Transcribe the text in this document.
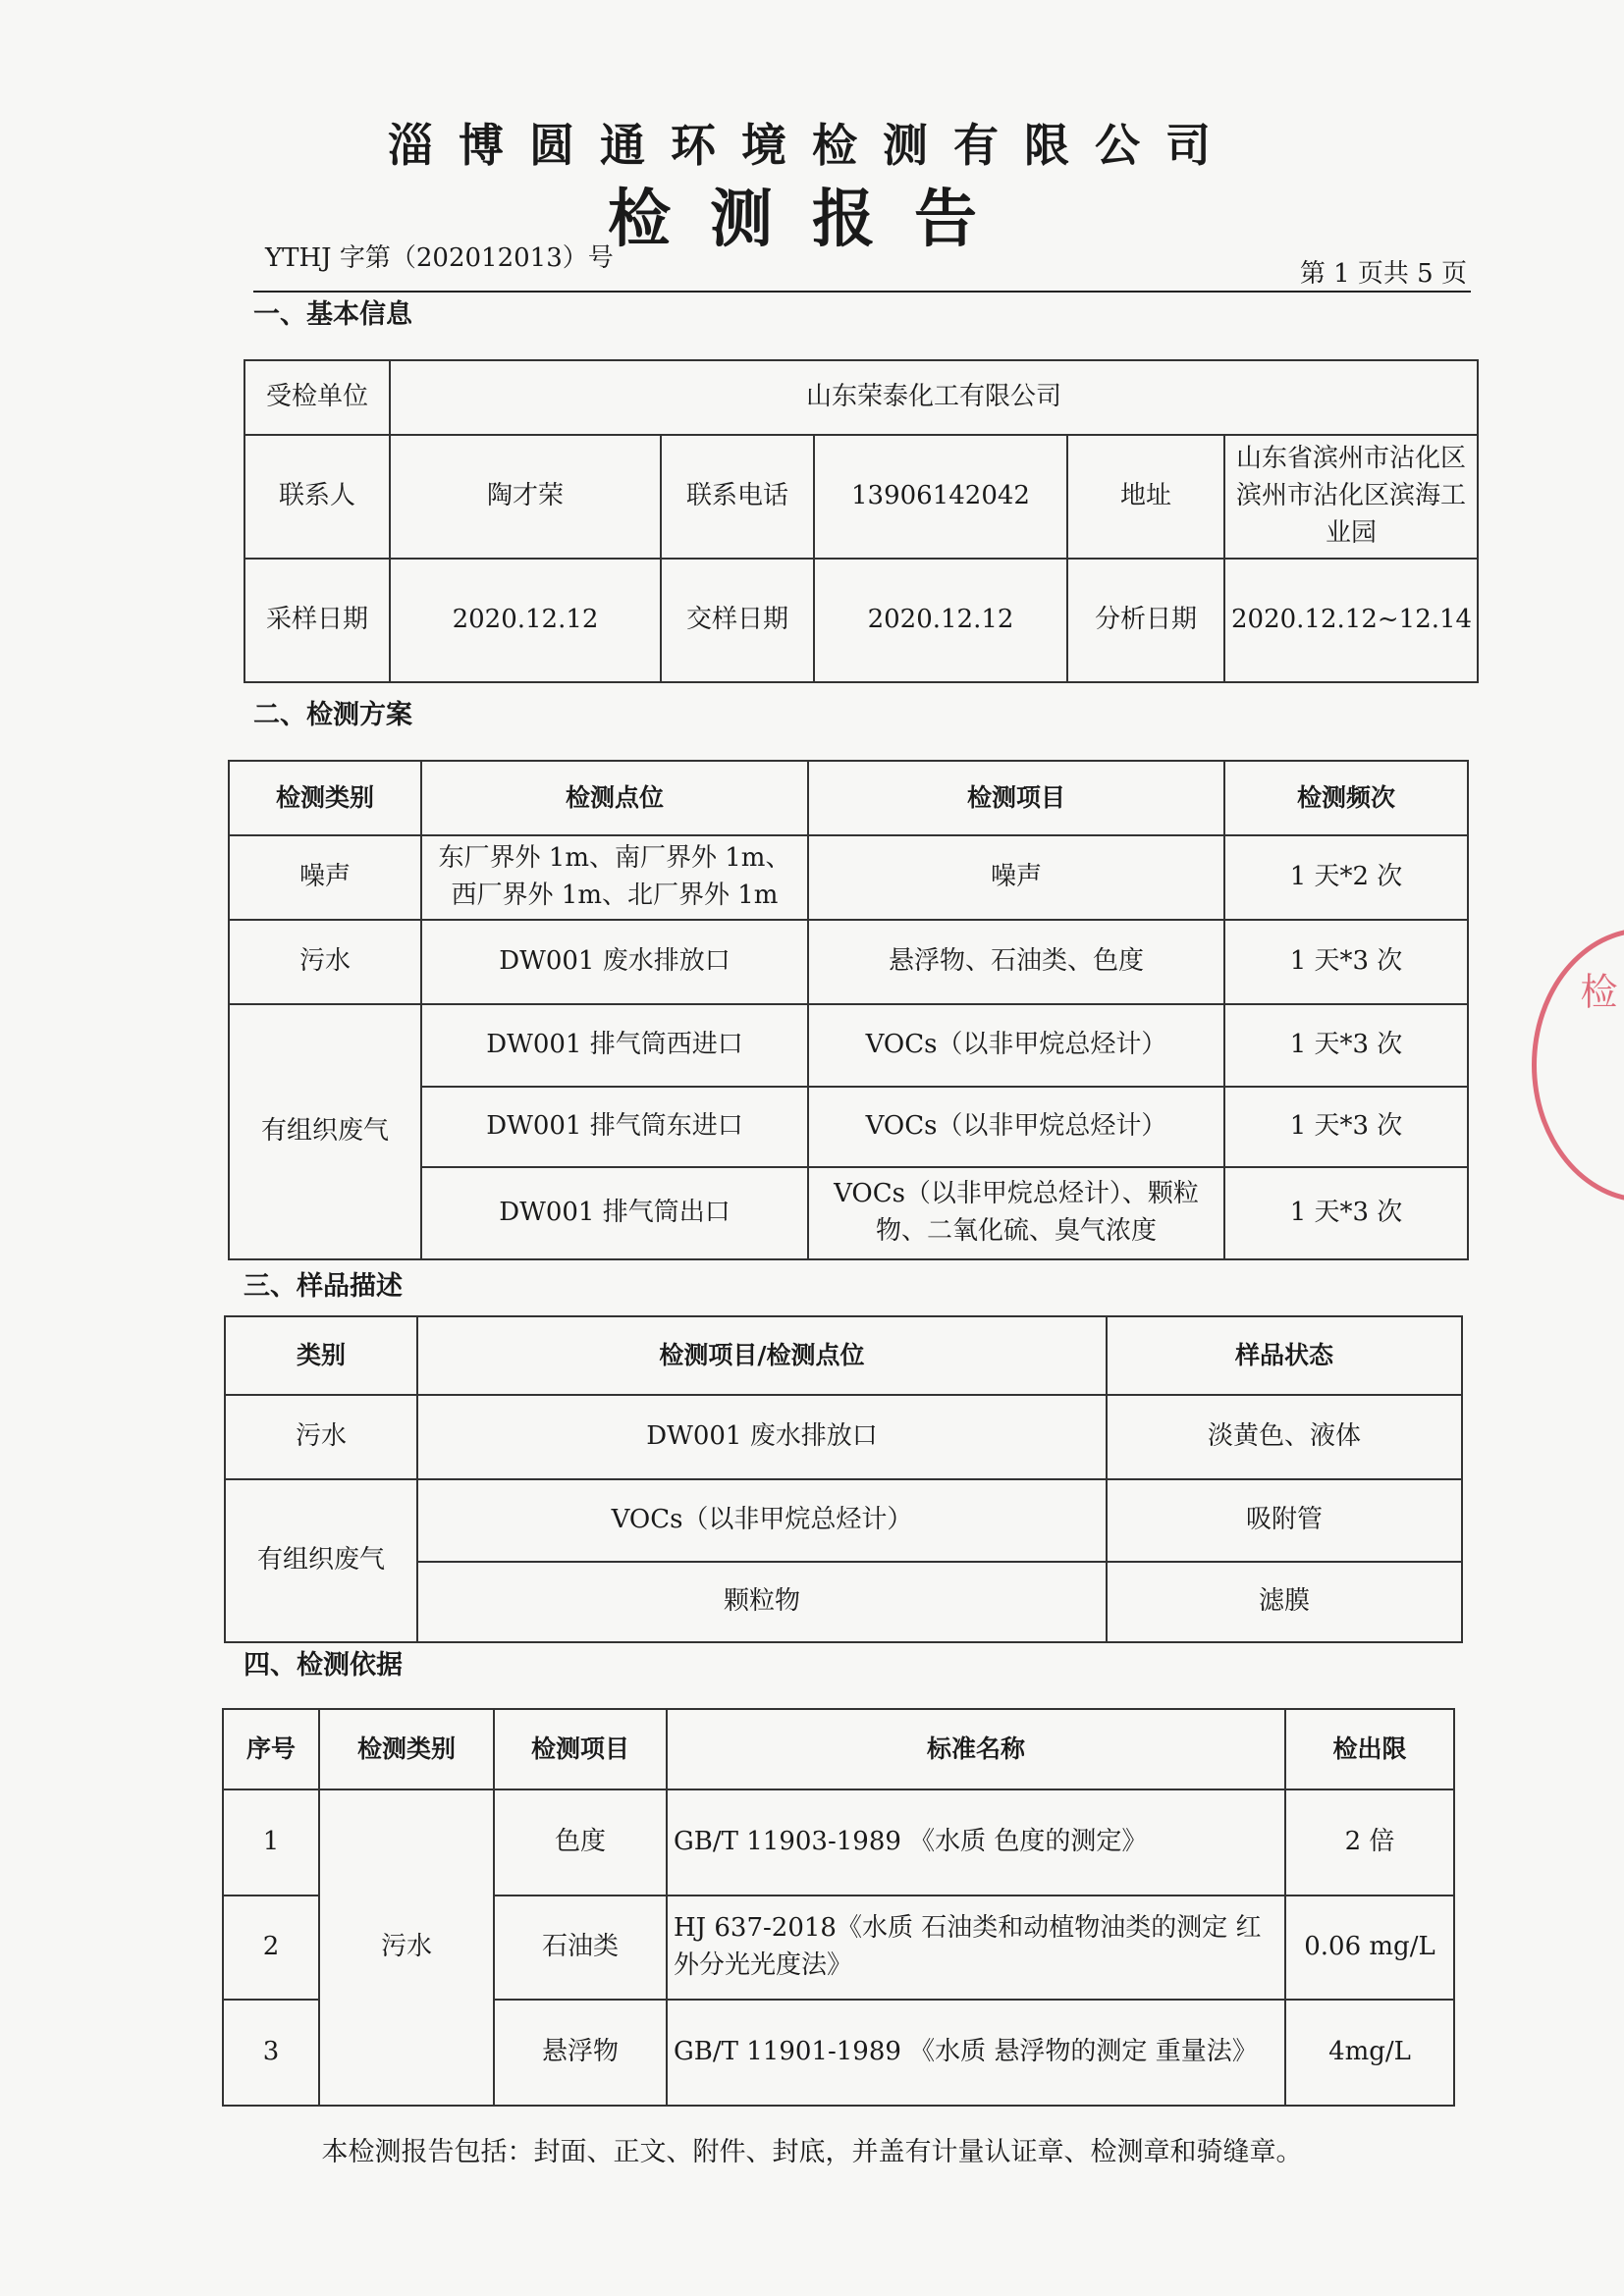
淄博圆通环境检测有限公司
检测报告
YTHJ 字第（202012013）号
第 1 页共 5 页
一、基本信息
受检单位	山东荣泰化工有限公司				
联系人	陶才荣	联系电话	13906142042	地址	山东省滨州市沾化区滨州市沾化区滨海工业园
采样日期	2020.12.12	交样日期	2020.12.12	分析日期	2020.12.12~12.14
二、检测方案
检测类别	检测点位	检测项目	检测频次
噪声	东厂界外 1m、南厂界外 1m、西厂界外 1m、北厂界外 1m	噪声	1 天*2 次
污水	DW001 废水排放口	悬浮物、石油类、色度	1 天*3 次
有组织废气	DW001 排气筒西进口	VOCs（以非甲烷总烃计）	1 天*3 次
	DW001 排气筒东进口	VOCs（以非甲烷总烃计）	1 天*3 次
	DW001 排气筒出口	VOCs（以非甲烷总烃计）、颗粒物、二氧化硫、臭气浓度	1 天*3 次
三、样品描述
类别	检测项目/检测点位	样品状态
污水	DW001 废水排放口	淡黄色、液体
有组织废气	VOCs（以非甲烷总烃计）	吸附管
	颗粒物	滤膜
四、检测依据
序号	检测类别	检测项目	标准名称	检出限
1	污水	色度	GB/T 11903-1989 《水质 色度的测定》	2 倍
2		石油类	HJ 637-2018《水质 石油类和动植物油类的测定 红外分光光度法》	0.06 mg/L
3		悬浮物	GB/T 11901-1989 《水质 悬浮物的测定 重量法》	4mg/L
本检测报告包括：封面、正文、附件、封底，并盖有计量认证章、检测章和骑缝章。
检
